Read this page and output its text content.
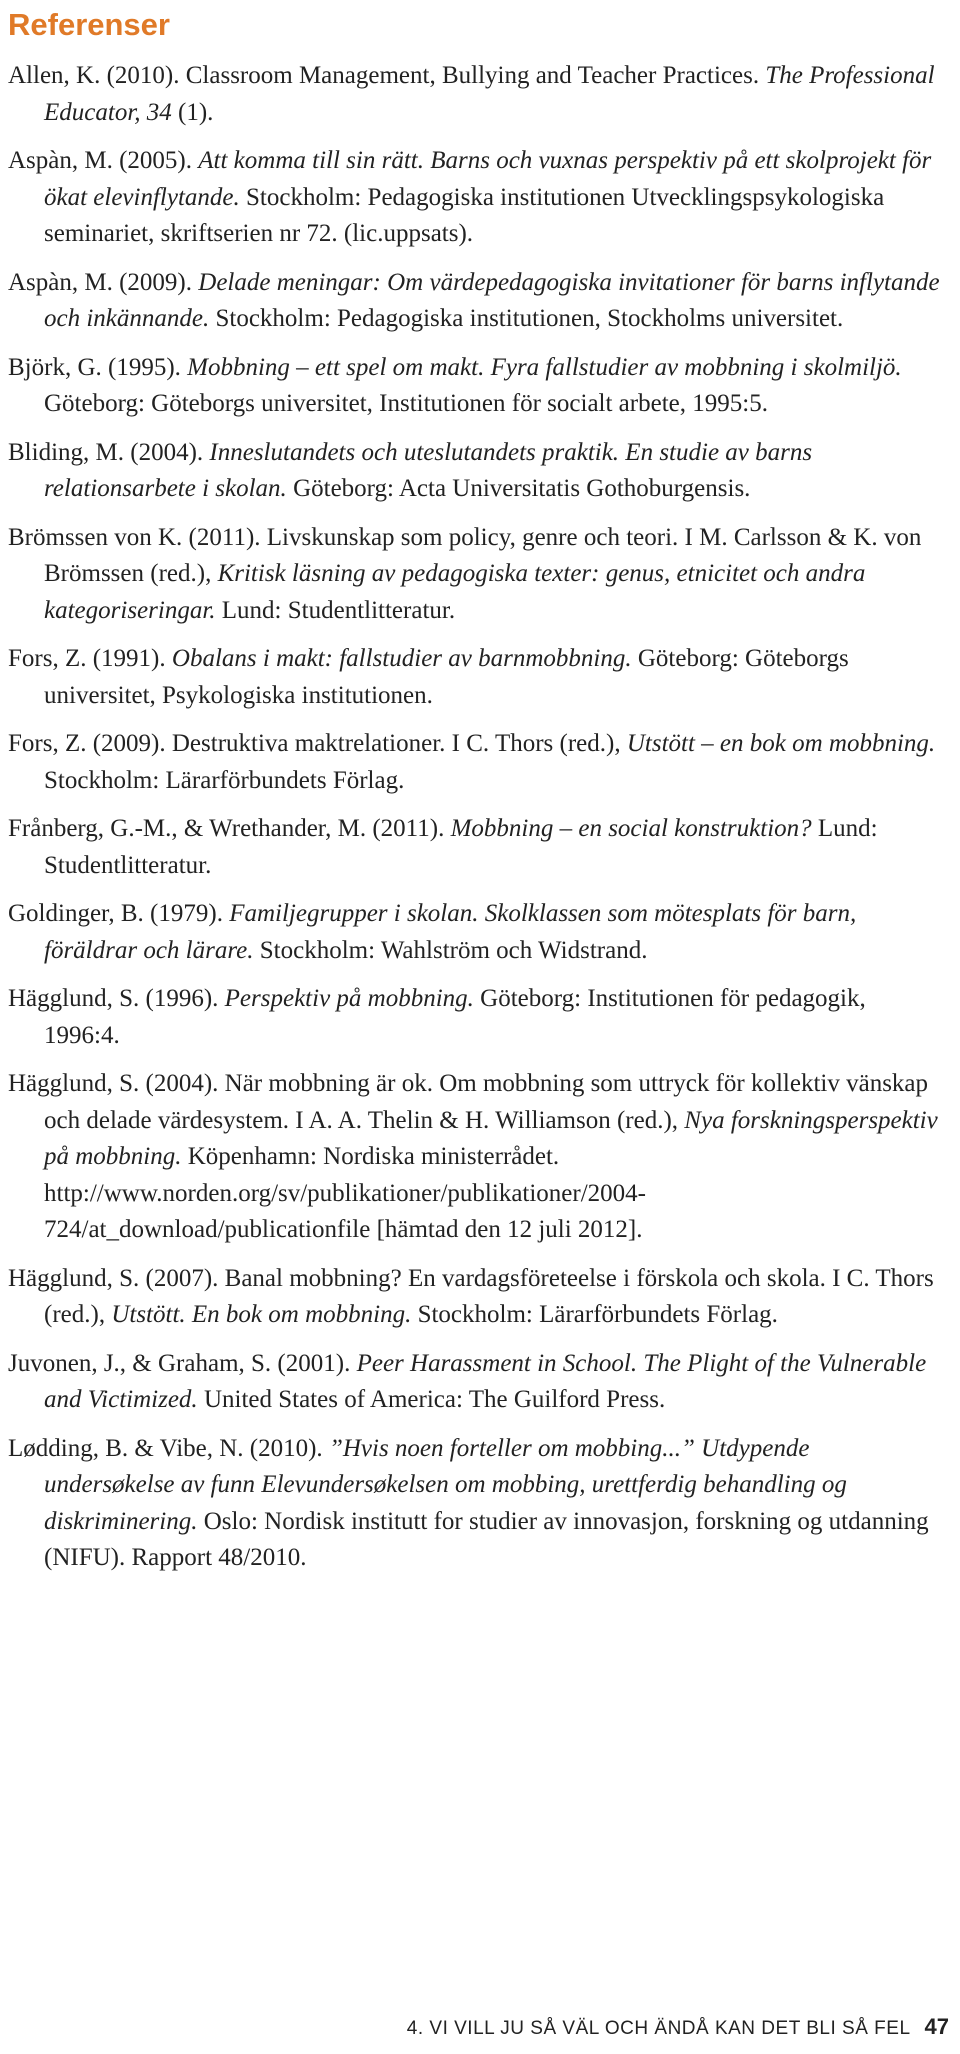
Referenser

Allen, K. (2010). Classroom Management, Bullying and Teacher Practices. The Professional Educator, 34 (1).

Aspàn, M. (2005). Att komma till sin rätt. Barns och vuxnas perspektiv på ett skolprojekt för ökat elevinflytande. Stockholm: Pedagogiska institutionen Utvecklingspsykologiska seminariet, skriftserien nr 72. (lic.uppsats).

Aspàn, M. (2009). Delade meningar: Om värdepedagogiska invitationer för barns inflytande och inkännande. Stockholm: Pedagogiska institutionen, Stockholms universitet.

Björk, G. (1995). Mobbning – ett spel om makt. Fyra fallstudier av mobbning i skolmiljö. Göteborg: Göteborgs universitet, Institutionen för socialt arbete, 1995:5.

Bliding, M. (2004). Inneslutandets och uteslutandets praktik. En studie av barns relationsarbete i skolan. Göteborg: Acta Universitatis Gothoburgensis.

Brömssen von K. (2011). Livskunskap som policy, genre och teori. I M. Carlsson & K. von Brömssen (red.), Kritisk läsning av pedagogiska texter: genus, etnicitet och andra kategoriseringar. Lund: Studentlitteratur.

Fors, Z. (1991). Obalans i makt: fallstudier av barnmobbning. Göteborg: Göteborgs universitet, Psykologiska institutionen.

Fors, Z. (2009). Destruktiva maktrelationer. I C. Thors (red.), Utstött – en bok om mobbning. Stockholm: Lärarförbundets Förlag.

Frånberg, G.-M., & Wrethander, M. (2011). Mobbning – en social konstruktion? Lund: Studentlitteratur.

Goldinger, B. (1979). Familjegrupper i skolan. Skolklassen som mötesplats för barn, föräldrar och lärare. Stockholm: Wahlström och Widstrand.

Hägglund, S. (1996). Perspektiv på mobbning. Göteborg: Institutionen för pedagogik, 1996:4.

Hägglund, S. (2004). När mobbning är ok. Om mobbning som uttryck för kollektiv vänskap och delade värdesystem. I A. A. Thelin & H. Williamson (red.), Nya forskningsperspektiv på mobbning. Köpenhamn: Nordiska ministerrådet. http://www.norden.org/sv/publikationer/publikationer/2004-724/at_download/publicationfile [hämtad den 12 juli 2012].

Hägglund, S. (2007). Banal mobbning? En vardagsföreteelse i förskola och skola. I C. Thors (red.), Utstött. En bok om mobbning. Stockholm: Lärarförbundets Förlag.

Juvonen, J., & Graham, S. (2001). Peer Harassment in School. The Plight of the Vulnerable and Victimized. United States of America: The Guilford Press.

Lødding, B. & Vibe, N. (2010). ”Hvis noen forteller om mobbing...” Utdypende undersøkelse av funn Elevundersøkelsen om mobbing, urettferdig behandling og diskriminering. Oslo: Nordisk institutt for studier av innovasjon, forskning og utdanning (NIFU). Rapport 48/2010.

4. VI VILL JU SÅ VÄL OCH ÄNDÅ KAN DET BLI SÅ FEL 47
